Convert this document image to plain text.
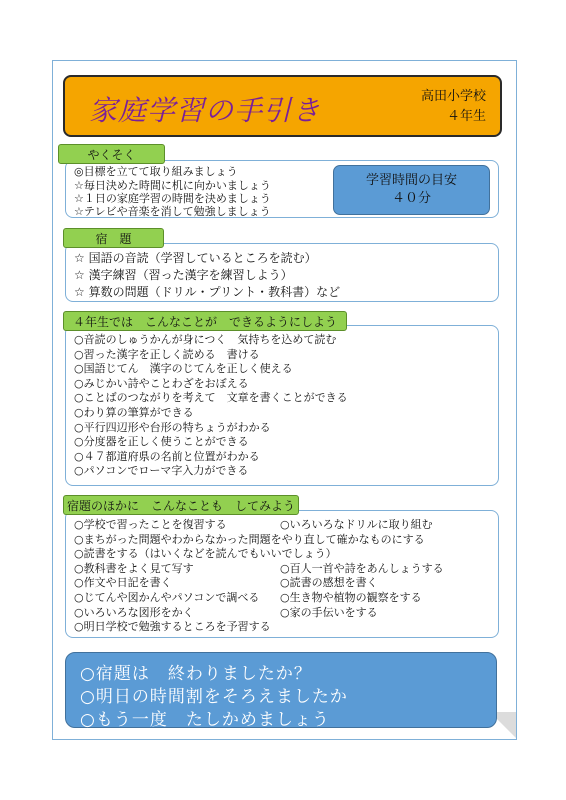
家庭学習の手引き	高田小学校
４年生
やくそく
◎目標を立てて取り組みましょう
☆毎日決めた時間に机に向かいましょう
☆１日の家庭学習の時間を決めましょう
☆テレビや音楽を消して勉強しましょう
学習時間の目安
４０分
宿　題
☆ 国語の音読（学習しているところを読む）
☆ 漢字練習（習った漢字を練習しよう）
☆ 算数の問題（ドリル・プリント・教科書）など
４年生では　こんなことが　できるようにしよう
○音読のしゅうかんが身につく　気持ちを込めて読む
○習った漢字を正しく読める　書ける
○国語じてん　漢字のじてんを正しく使える
○みじかい詩やことわざをおぼえる
○ことばのつながりを考えて　文章を書くことができる
○わり算の筆算ができる
○平行四辺形や台形の特ちょうがわかる
○分度器を正しく使うことができる
○４７都道府県の名前と位置がわかる
○パソコンでローマ字入力ができる
宿題のほかに　こんなことも　してみよう
○学校で習ったことを復習する	○いろいろなドリルに取り組む
○まちがった問題やわからなかった問題をやり直して確かなものにする
○読書をする（はいくなどを読んでもいいでしょう）
○教科書をよく見て写す	○百人一首や詩をあんしょうする
○作文や日記を書く	○読書の感想を書く
○じてんや図かんやパソコンで調べる ○生き物や植物の観察をする
○いろいろな図形をかく	○家の手伝いをする
○明日学校で勉強するところを予習する
○宿題は　終わりましたか？
○明日の時間割をそろえましたか
○もう一度　たしかめましょう
